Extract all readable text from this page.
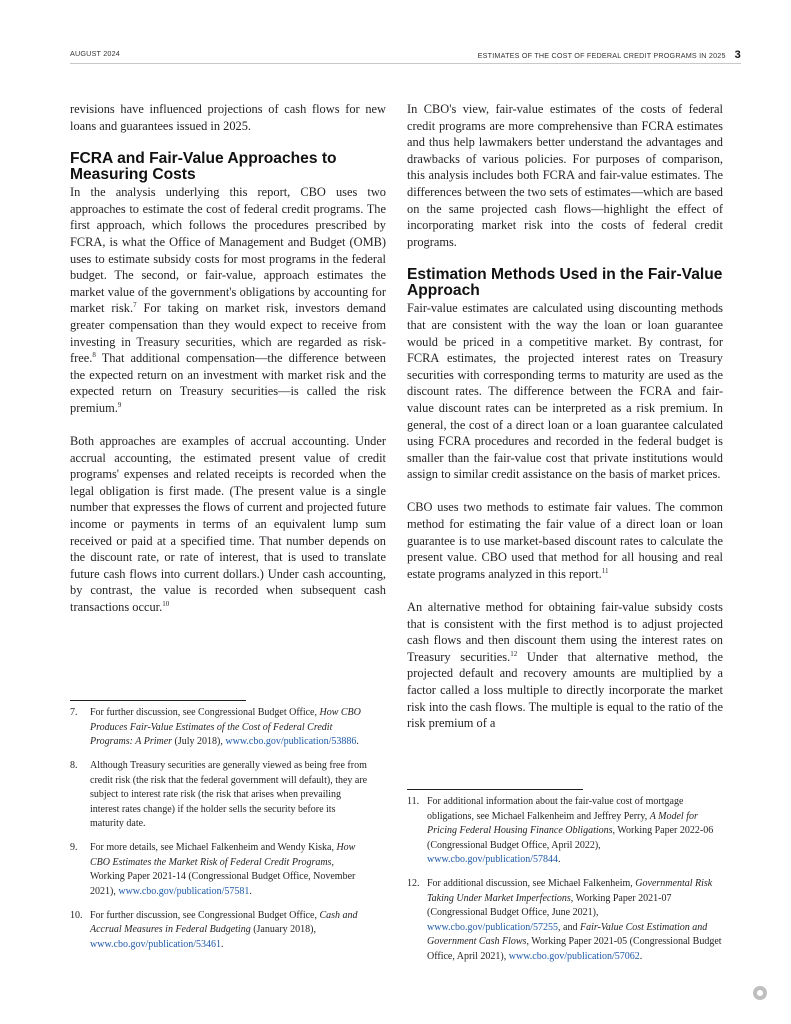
AUGUST 2024	ESTIMATES OF THE COST OF FEDERAL CREDIT PROGRAMS IN 2025 3

revisions have influenced projections of cash flows for new loans and guarantees issued in 2025.

FCRA and Fair-Value Approaches to Measuring Costs

In the analysis underlying this report, CBO uses two approaches to estimate the cost of federal credit programs. The first approach, which follows the procedures prescribed by FCRA, is what the Office of Management and Budget (OMB) uses to estimate subsidy costs for most programs in the federal budget. The second, or fair-value, approach estimates the market value of the government's obligations by accounting for market risk.$^7$ For taking on market risk, investors demand greater compensation than they would expect to receive from investing in Treasury securities, which are regarded as risk-free.$^8$ That additional compensation—the difference between the expected return on an investment with market risk and the expected return on Treasury securities—is called the risk premium.$^9$

Both approaches are examples of accrual accounting. Under accrual accounting, the estimated present value of credit programs' expenses and related receipts is recorded when the legal obligation is first made. (The present value is a single number that expresses the flows of current and projected future income or payments in terms of an equivalent lump sum received or paid at a specified time. That number depends on the discount rate, or rate of interest, that is used to translate future cash flows into current dollars.) Under cash accounting, by contrast, the value is recorded when subsequent cash transactions occur.$^{10}$

In CBO's view, fair-value estimates of the costs of federal credit programs are more comprehensive than FCRA estimates and thus help lawmakers better understand the advantages and drawbacks of various policies. For purposes of comparison, this analysis includes both FCRA and fair-value estimates. The differences between the two sets of estimates—which are based on the same projected cash flows—highlight the effect of incorporating market risk into the costs of federal credit programs.

Estimation Methods Used in the Fair-Value Approach

Fair-value estimates are calculated using discounting methods that are consistent with the way the loan or loan guarantee would be priced in a competitive market. By contrast, for FCRA estimates, the projected interest rates on Treasury securities with corresponding terms to maturity are used as the discount rates. The difference between the FCRA and fair-value discount rates can be interpreted as a risk premium. In general, the cost of a direct loan or a loan guarantee calculated using FCRA procedures and recorded in the federal budget is smaller than the fair-value cost that private institutions would assign to similar credit assistance on the basis of market prices.

CBO uses two methods to estimate fair values. The common method for estimating the fair value of a direct loan or loan guarantee is to use market-based discount rates to calculate the present value. CBO used that method for all housing and real estate programs analyzed in this report.$^{11}$

An alternative method for obtaining fair-value subsidy costs that is consistent with the first method is to adjust projected cash flows and then discount them using the interest rates on Treasury securities.$^{12}$ Under that alternative method, the projected default and recovery amounts are multiplied by a factor called a loss multiple to directly incorporate the market risk into the cash flows. The multiple is equal to the ratio of the risk premium of a

7.	For further discussion, see Congressional Budget Office, How CBO Produces Fair-Value Estimates of the Cost of Federal Credit Programs: A Primer (July 2018), www.cbo.gov/publication/53886.
8.	Although Treasury securities are generally viewed as being free from credit risk (the risk that the federal government will default), they are subject to interest rate risk (the risk that arises when prevailing interest rates change) if the holder sells the security before its maturity date.
9.	For more details, see Michael Falkenheim and Wendy Kiska, How CBO Estimates the Market Risk of Federal Credit Programs, Working Paper 2021-14 (Congressional Budget Office, November 2021), www.cbo.gov/publication/57581.
10. For further discussion, see Congressional Budget Office, Cash and Accrual Measures in Federal Budgeting (January 2018), www.cbo.gov/publication/53461.
11. For additional information about the fair-value cost of mortgage obligations, see Michael Falkenheim and Jeffrey Perry, A Model for Pricing Federal Housing Finance Obligations, Working Paper 2022-06 (Congressional Budget Office, April 2022), www.cbo.gov/publication/57844.
12. For additional discussion, see Michael Falkenheim, Governmental Risk Taking Under Market Imperfections, Working Paper 2021-07 (Congressional Budget Office, June 2021), www.cbo.gov/publication/57255, and Fair-Value Cost Estimation and Government Cash Flows, Working Paper 2021-05 (Congressional Budget Office, April 2021), www.cbo.gov/publication/57062.
